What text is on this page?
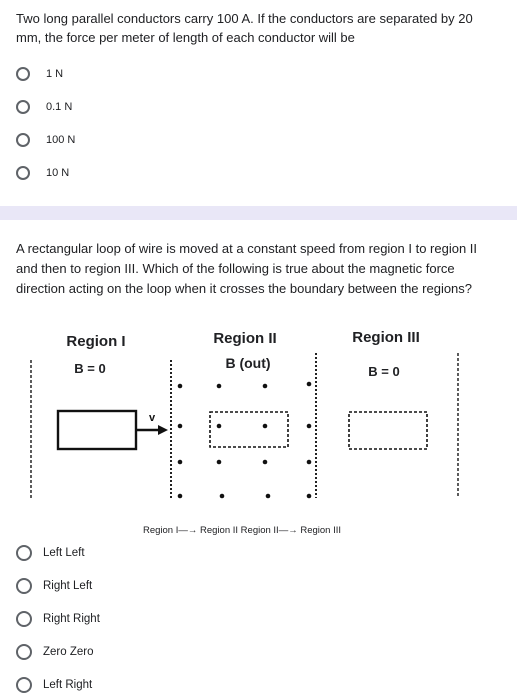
Two long parallel conductors carry 100 A. If the conductors are separated by 20
mm, the force per meter of length of each conductor will be
1 N
0.1 N
100 N
10 N
A rectangular loop of wire is moved at a constant speed from region I to region II
and then to region III. Which of the following is true about the magnetic force
direction acting on the loop when it crosses the boundary between the regions?
Region I
B = 0
Region II
B (out)
Region III
B = 0
v
Region I—→ Region II Region II—→ Region III
Left Left
Right Left
Right Right
Zero Zero
Left Right
